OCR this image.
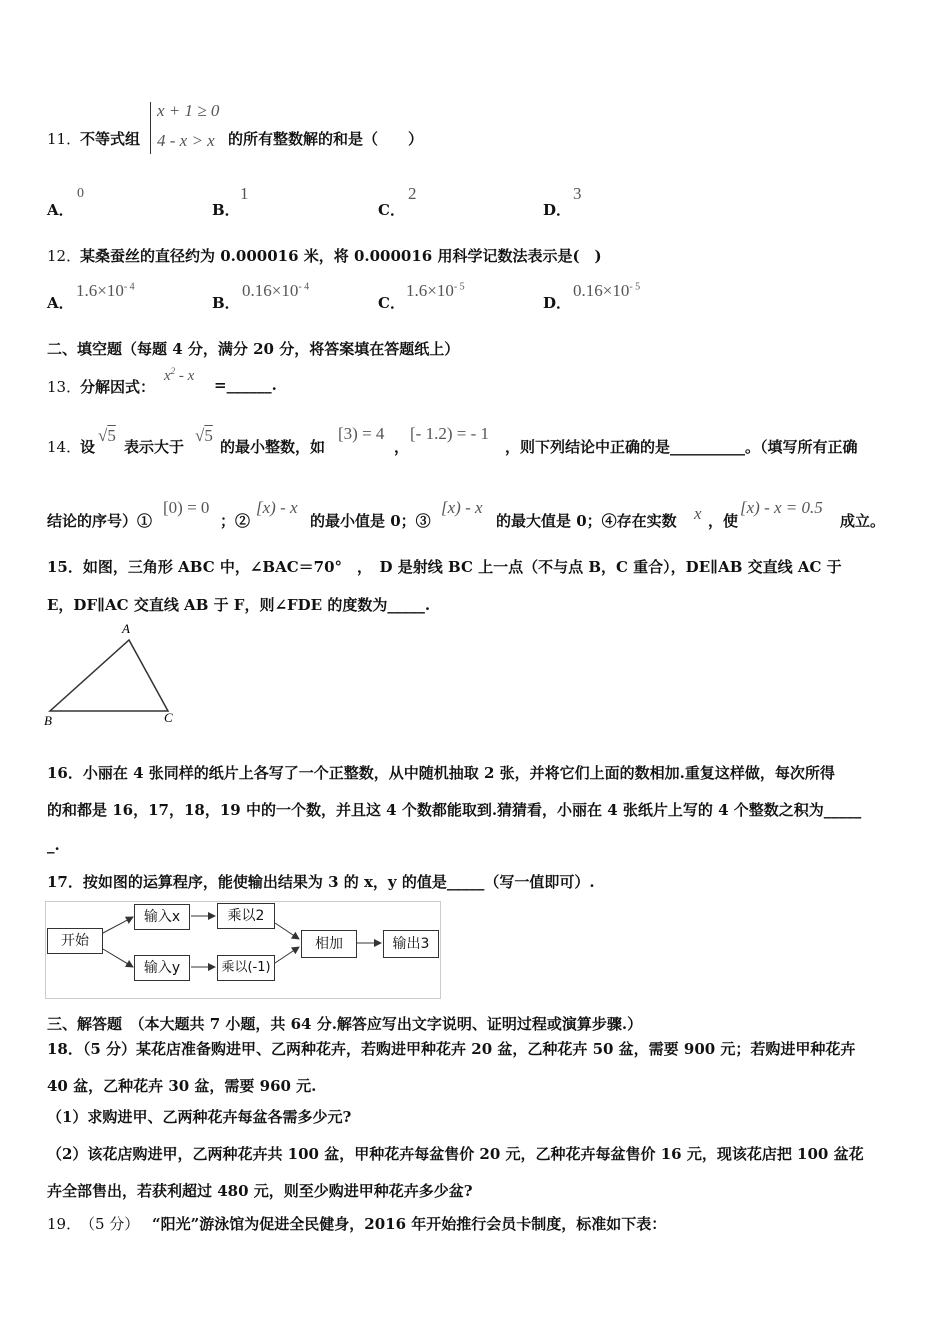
11．
不等式组
x + 1 ≥ 0
4 - x > x 的所有整数解的和是（　　）
A．
0
B．
1
C．
2
D．
3
12．
某桑蚕丝的直径约为 0.000016 米，将 0.000016 用科学记数法表示是(　)
A．
$1.6\times 10^{- 4}$
B．
$0.16\times 10^{- 4}$
C．
$1.6\times 10^{- 5}$
D．
$0.16\times 10^{- 5}$
二、填空题（每题 4 分，满分 20 分，将答案填在答题纸上）
13．
分解因式：
$x^2$ - x =______.
14．
设
√5
表示大于
√5
的最小整数，如
[3) = 4
，
[- 1.2) = - 1
，则下列结论中正确的是__________。（填写所有正确
结论的序号）①
[0) = 0
；②
[x) - x
的最小值是 0；③
[x) - x
的最大值是 0；④存在实数 x ，使
[x) - x = 0.5
成立。
15．如图，三角形 ABC 中，∠BAC＝70°　，　D 是射线 BC 上一点（不与点 B，C 重合），DE∥AB 交直线 AC 于
E，DF∥AC 交直线 AB 于 F，则∠FDE 的度数为_____.
A
B	C
16．小丽在 4 张同样的纸片上各写了一个正整数，从中随机抽取 2 张，并将它们上面的数相加.重复这样做，每次所得
的和都是 16，17，18，19 中的一个数，并且这 4 个数都能取到.猜猜看，小丽在 4 张纸片上写的 4 个整数之积为_____
_.
17．按如图的运算程序，能使输出结果为 3 的 x，y 的值是_____（写一值即可）.
开始
输入x	乘以2
输入y	乘以(-1)
相加	输出3
三、解答题　（本大题共 7 小题，共 64 分.解答应写出文字说明、证明过程或演算步骤.）
18．（5 分）某花店准备购进甲、乙两种花卉，若购进甲种花卉 20 盆，乙种花卉 50 盆，需要 900 元；若购进甲种花卉
40 盆，乙种花卉 30 盆，需要 960 元.
（1）求购进甲、乙两种花卉每盆各需多少元?
（2）该花店购进甲，乙两种花卉共 100 盆，甲种花卉每盆售价 20 元，乙种花卉每盆售价 16 元，现该花店把 100 盆花
卉全部售出，若获利超过 480 元，则至少购进甲种花卉多少盆?
19．
（5 分） “阳光”游泳馆为促进全民健身，2016 年开始推行会员卡制度，标准如下表：
